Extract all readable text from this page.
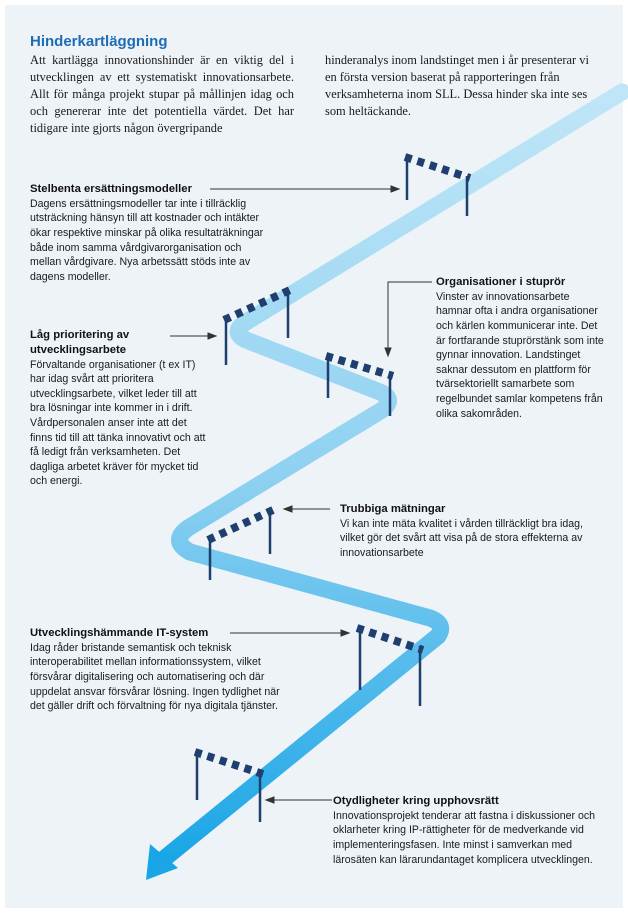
Hinderkartläggning
Att kartlägga innovationshinder är en viktig del i utvecklingen av ett systematiskt innovationsarbete. Allt för många projekt stupar på mållinjen idag och och genererar inte det potentiella värdet. Det har tidigare inte gjorts någon övergripande
hinderanalys inom landstinget men i år presenterar vi en första version baserat på rapporteringen från verksamheterna inom SLL. Dessa hinder ska inte ses som heltäckande.
Stelbenta ersättningsmodeller

Dagens ersättningsmodeller tar inte i tillräcklig utsträckning hänsyn till att kostnader och intäkter ökar respektive minskar på olika resultaträkningar både inom samma vårdgivarorganisation och mellan vårdgivare. Nya arbetssätt stöds inte av dagens modeller.	Organisationer i stuprör

Vinster av innovationsarbete hamnar ofta i andra organisationer och kärlen kommunicerar inte. Det är fortfarande stuprörstänk som inte gynnar innovation. Landstinget saknar dessutom en plattform för tvärsektoriellt samarbete som regelbundet samlar kompetens från olika sakområden.

Låg prioritering av utvecklingsarbete

Förvaltande organisationer (t ex IT) har idag svårt att prioritera utvecklingsarbete, vilket leder till att bra lösningar inte kommer in i drift. Vårdpersonalen anser inte att det finns tid till att tänka innovativt och att få ledigt från verksamheten. Det dagliga arbetet kräver för mycket tid och energi.

Trubbiga mätningar

Vi kan inte mäta kvalitet i vården tillräckligt bra idag, vilket gör det svårt att visa på de stora effekterna av innovationsarbete

Utvecklingshämmande IT-system

Idag råder bristande semantisk och teknisk interoperabilitet mellan informationssystem, vilket försvårar digitalisering och automatisering och där uppdelat ansvar försvårar lösning. Ingen tydlighet när det gäller drift och förvaltning för nya digitala tjänster.

Otydligheter kring upphovsrätt

Innovationsprojekt tenderar att fastna i diskussioner och oklarheter kring IP-rättigheter för de medverkande vid implementeringsfasen. Inte minst i samverkan med lärosäten kan lärarundantaget komplicera utvecklingen.
